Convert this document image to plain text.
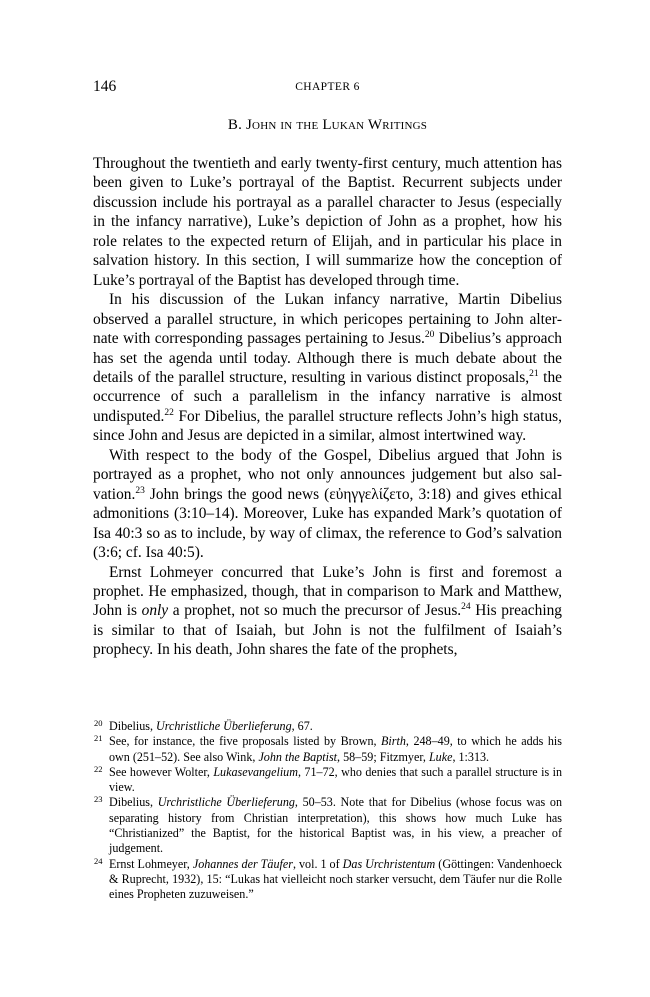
146	CHAPTER 6
B. John in the Lukan Writings

Throughout the twentieth and early twenty-first century, much attention has been given to Luke’s portrayal of the Baptist. Recurrent subjects under discussion include his portrayal as a parallel character to Jesus (especially in the infancy narrative), Luke’s depiction of John as a prophet, how his role relates to the expected return of Elijah, and in particular his place in salvation history. In this section, I will summarize how the conception of Luke’s portrayal of the Baptist has developed through time.

In his discussion of the Lukan infancy narrative, Martin Dibelius observed a parallel structure, in which pericopes pertaining to John alternate with corresponding passages pertaining to Jesus.$^{20}$ Dibelius’s approach has set the agenda until today. Although there is much debate about the details of the parallel structure, resulting in various distinct proposals,$^{21}$ the occurrence of such a parallelism in the infancy narrative is almost undisputed.$^{22}$ For Dibelius, the parallel structure reflects John’s high status, since John and Jesus are depicted in a similar, almost intertwined way.

With respect to the body of the Gospel, Dibelius argued that John is portrayed as a prophet, who not only announces judgement but also salvation.$^{23}$ John brings the good news (εὐηγγελίζετο, 3:18) and gives ethical admonitions (3:10–14). Moreover, Luke has expanded Mark’s quotation of Isa 40:3 so as to include, by way of climax, the reference to God’s salvation (3:6; cf. Isa 40:5).

Ernst Lohmeyer concurred that Luke’s John is first and foremost a prophet. He emphasized, though, that in comparison to Mark and Matthew, John is only a prophet, not so much the precursor of Jesus.$^{24}$ His preaching is similar to that of Isaiah, but John is not the fulfilment of Isaiah’s prophecy. In his death, John shares the fate of the prophets,

20 Dibelius, Urchristliche Überlieferung, 67.

21 See, for instance, the five proposals listed by Brown, Birth, 248–49, to which he adds his own (251–52). See also Wink, John the Baptist, 58–59; Fitzmyer, Luke, 1:313.

22 See however Wolter, Lukasevangelium, 71–72, who denies that such a parallel structure is in view.

23 Dibelius, Urchristliche Überlieferung, 50–53. Note that for Dibelius (whose focus was on separating history from Christian interpretation), this shows how much Luke has “Christianized” the Baptist, for the historical Baptist was, in his view, a preacher of judgement.

24 Ernst Lohmeyer, Johannes der Täufer, vol. 1 of Das Urchristentum (Göttingen: Vandenhoeck & Ruprecht, 1932), 15: “Lukas hat vielleicht noch starker versucht, dem Täufer nur die Rolle eines Propheten zuzuweisen.”
